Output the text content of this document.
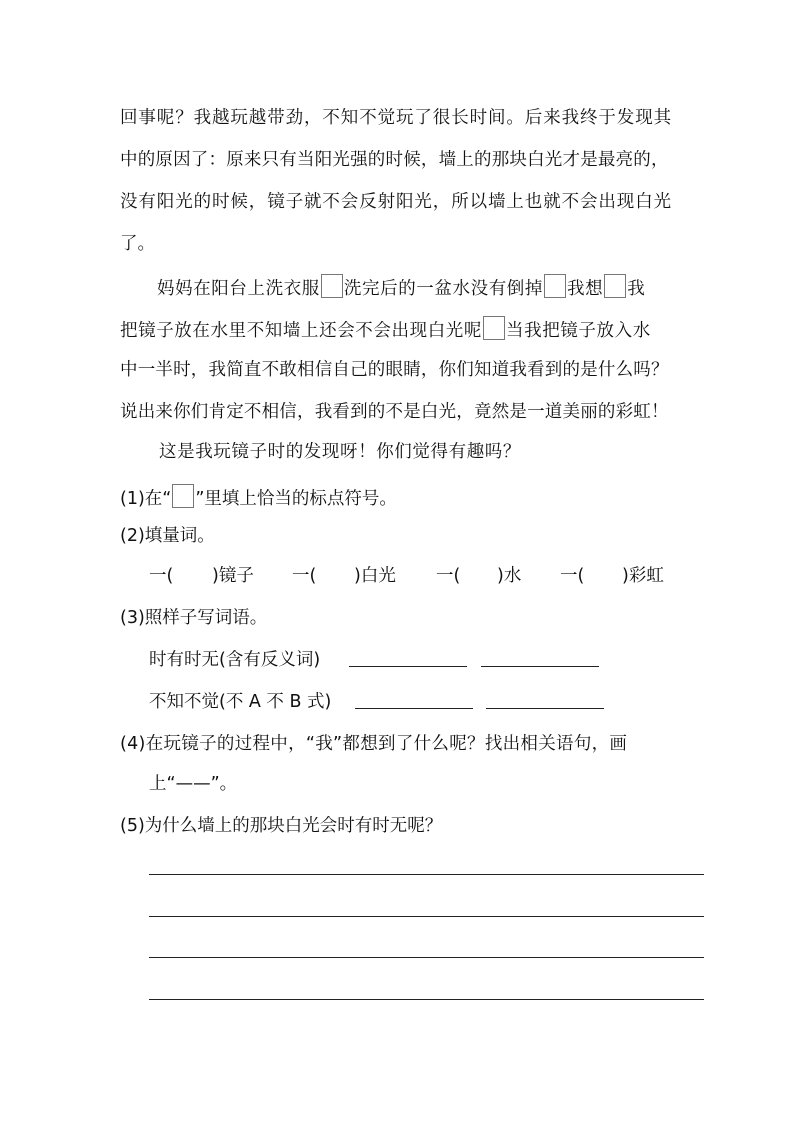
回事呢？我越玩越带劲，不知不觉玩了很长时间。后来我终于发现其
中的原因了：原来只有当阳光强的时候，墙上的那块白光才是最亮的，
没有阳光的时候，镜子就不会反射阳光，所以墙上也就不会出现白光
了。
妈妈在阳台上洗衣服 洗完后的一盆水没有倒掉 我想 我
把镜子放在水里不知墙上还会不会出现白光呢 当我把镜子放入水
中一半时，我简直不敢相信自己的眼睛，你们知道我看到的是什么吗？
说出来你们肯定不相信，我看到的不是白光，竟然是一道美丽的彩虹！
这是我玩镜子时的发现呀！你们觉得有趣吗？
(1)在“ ”里填上恰当的标点符号。
(2)填量词。
一( )镜子 一( )白光 一( )水 一( )彩虹
(3)照样子写词语。
时有时无(含有反义词)
不知不觉(不 A 不 B 式)
(4)在玩镜子的过程中，“我”都想到了什么呢？找出相关语句，画
上“——”。
(5)为什么墙上的那块白光会时有时无呢？
